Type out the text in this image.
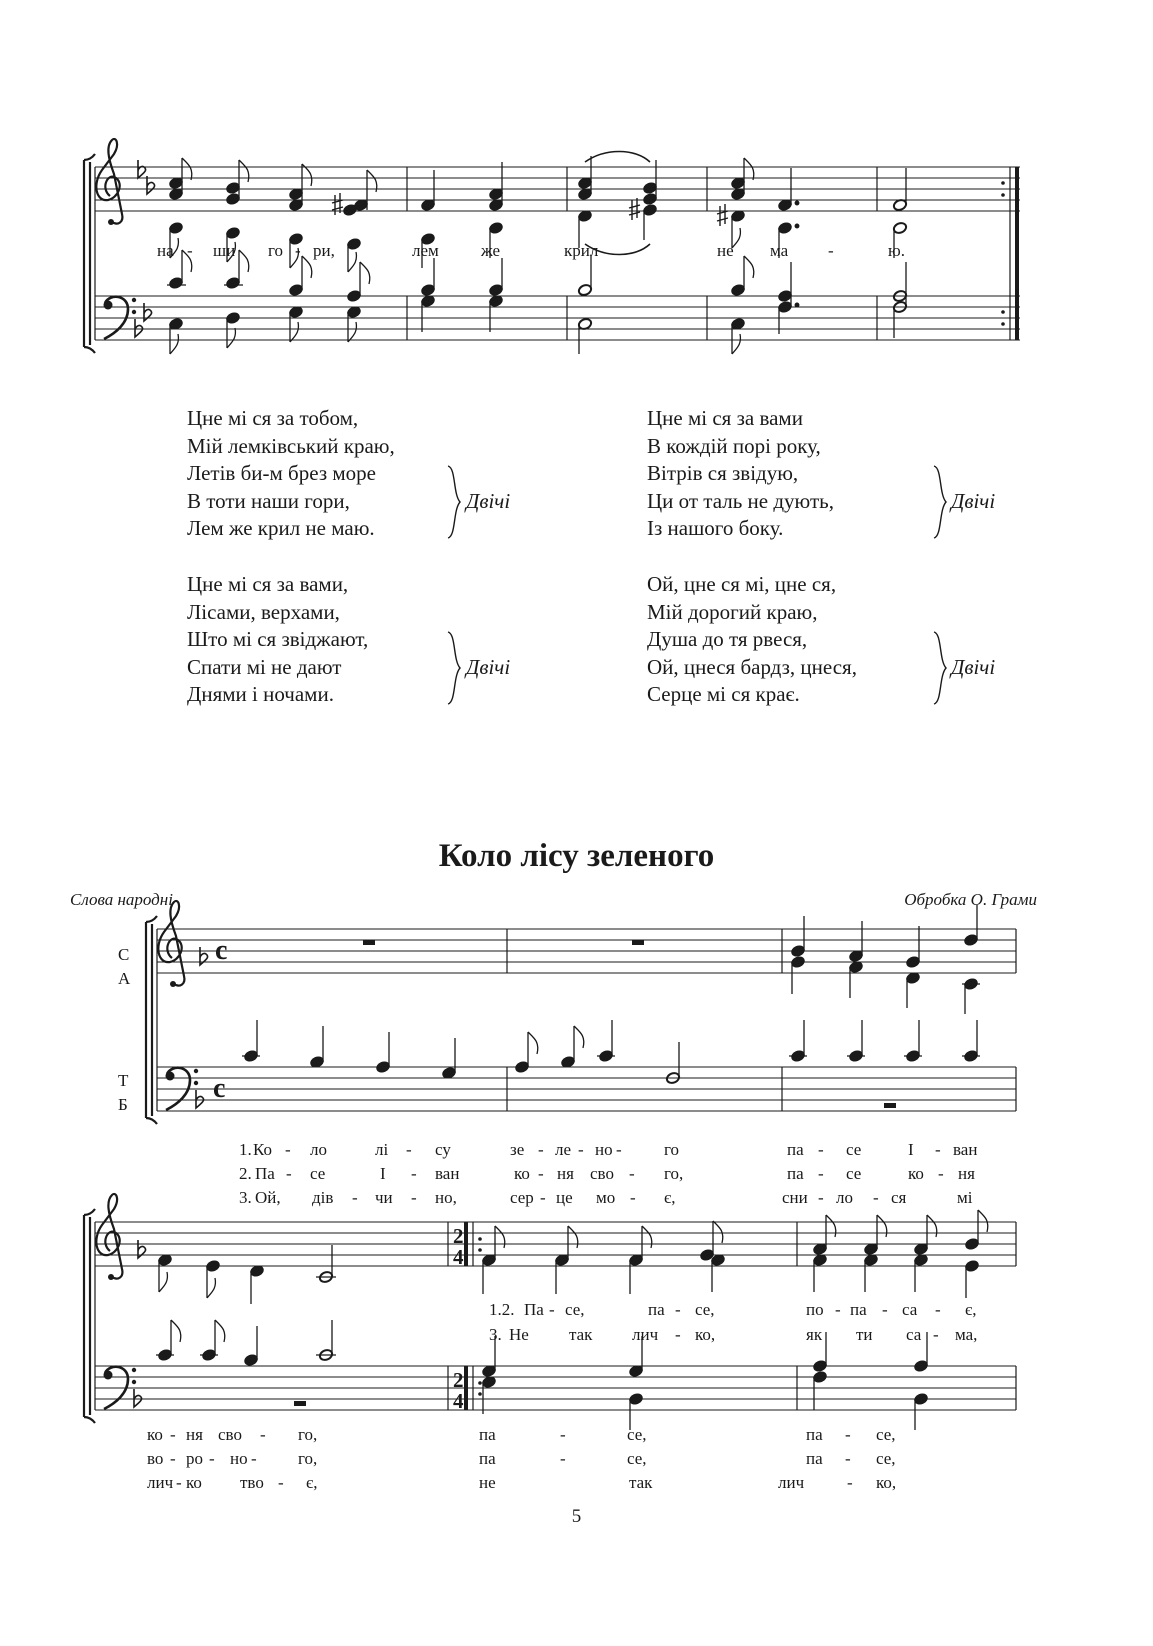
на - ши го - ри,	лем же	крил	не ма -	ю.
c
c
С
А
Т
Б
1. Ко - ло	лі - су	зе - ле - но - го	па - се	І - ван
2. Па - се	І - ван	ко - ня сво - го,	па - се	ко - ня
3. Ой, дів - чи - но,	сер - це мо - є,	сни - ло - ся	мі
2
4
2
4
1.2. Па - се,	па - се,	по - па - са - є,
3. Не так лич - ко,	як ти са - ма,
ко - ня сво - го,	па	-	се,	па - се,
во - ро - но - го,	па	-	се,	па - се,
лич - ко тво - є,	не	так	лич	- ко,
Цне мі ся за тобом,
Мій лемківський краю,
Летів би-м брез море
В тоти наши гори,
Лем же крил не маю.
Двічі
Цне мі ся за вами
В кождій порі року,
Вітрів ся звідую,
Ци от таль не дують,
Із нашого боку.
Двічі
Цне мі ся за вами,
Лісами, верхами,
Што мі ся звіджают,
Спати мі не дают
Днями і ночами.
Двічі
Ой, цне ся мі, цне ся,
Мій дорогий краю,
Душа до тя рвеся,
Ой, цнеся бардз, цнеся,
Серце мі ся крає.
Двічі
Коло лісу зеленого
Слова народні	Обробка О. Грами
5
